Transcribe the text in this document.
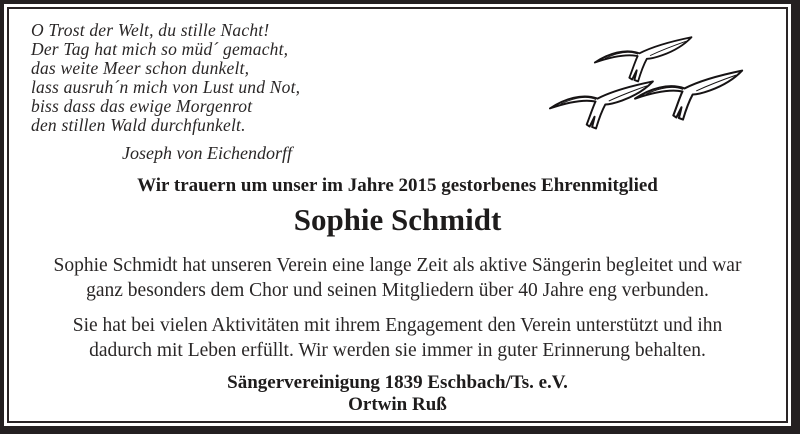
O Trost der Welt, du stille Nacht!
Der Tag hat mich so müd´ gemacht,
das weite Meer schon dunkelt,
lass ausruh´n mich von Lust und Not,
biss dass das ewige Morgenrot
den stillen Wald durchfunkelt.
Joseph von Eichendorff
Wir trauern um unser im Jahre 2015 gestorbenes Ehrenmitglied
Sophie Schmidt
Sophie Schmidt hat unseren Verein eine lange Zeit als aktive Sängerin begleitet und war
ganz besonders dem Chor und seinen Mitgliedern über 40 Jahre eng verbunden.
Sie hat bei vielen Aktivitäten mit ihrem Engagement den Verein unterstützt und ihn
dadurch mit Leben erfüllt. Wir werden sie immer in guter Erinnerung behalten.
Sängervereinigung 1839 Eschbach/Ts. e.V.
Ortwin Ruß
